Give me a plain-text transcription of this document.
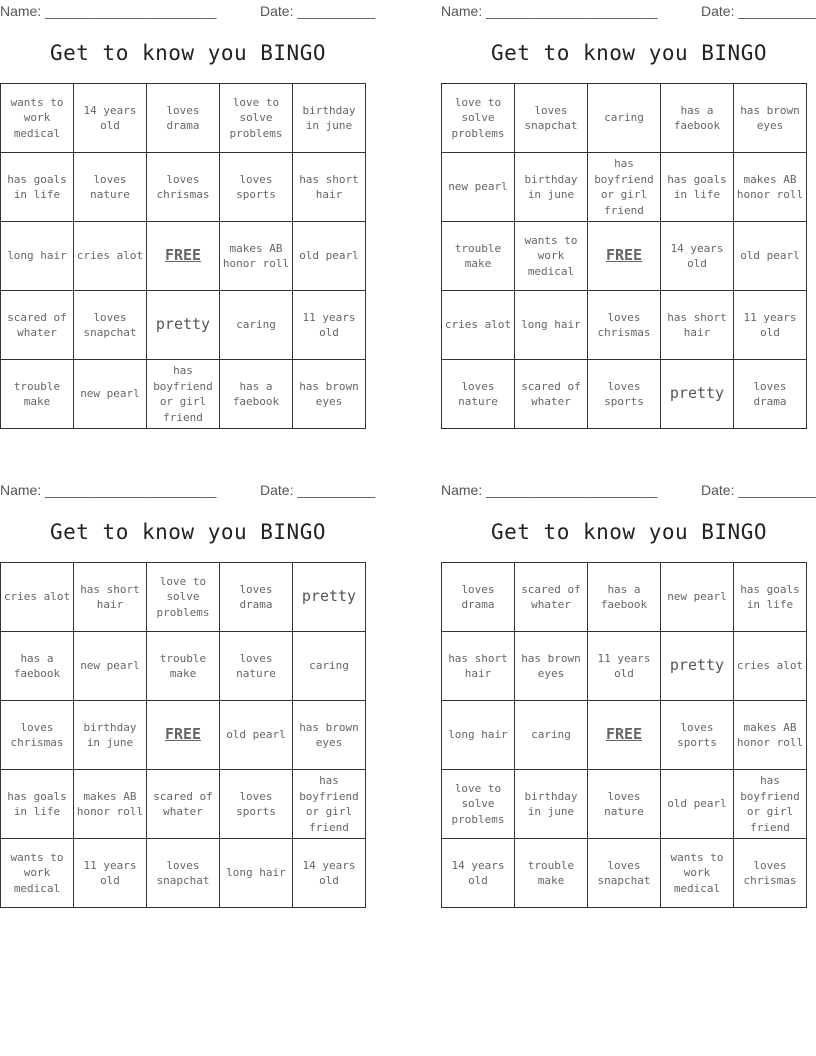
Name: ______________________	Date: __________
Get to know you BINGO
wants to work medical	14 years old	loves drama	love to solve problems	birthday in june
has goals in life	loves nature	loves chrismas	loves sports	has short hair
long hair	cries alot	FREE	makes AB honor roll	old pearl
scared of whater	loves snapchat	pretty	caring	11 years old
trouble make	new pearl	has boyfriend or girl friend	has a faebook	has brown eyes
Name: ______________________	Date: __________
Get to know you BINGO
love to solve problems	loves snapchat	caring	has a faebook	has brown eyes
new pearl	birthday in june	has boyfriend or girl friend	has goals in life	makes AB honor roll
trouble make	wants to work medical	FREE	14 years old	old pearl
cries alot	long hair	loves chrismas	has short hair	11 years old
loves nature	scared of whater	loves sports	pretty	loves drama
Name: ______________________	Date: __________
Get to know you BINGO
cries alot	has short hair	love to solve problems	loves drama	pretty
has a faebook	new pearl	trouble make	loves nature	caring
loves chrismas	birthday in june	FREE	old pearl	has brown eyes
has goals in life	makes AB honor roll	scared of whater	loves sports	has boyfriend or girl friend
wants to work medical	11 years old	loves snapchat	long hair	14 years old
Name: ______________________	Date: __________
Get to know you BINGO
loves drama	scared of whater	has a faebook	new pearl	has goals in life
has short hair	has brown eyes	11 years old	pretty	cries alot
long hair	caring	FREE	loves sports	makes AB honor roll
love to solve problems	birthday in june	loves nature	old pearl	has boyfriend or girl friend
14 years old	trouble make	loves snapchat	wants to work medical	loves chrismas
